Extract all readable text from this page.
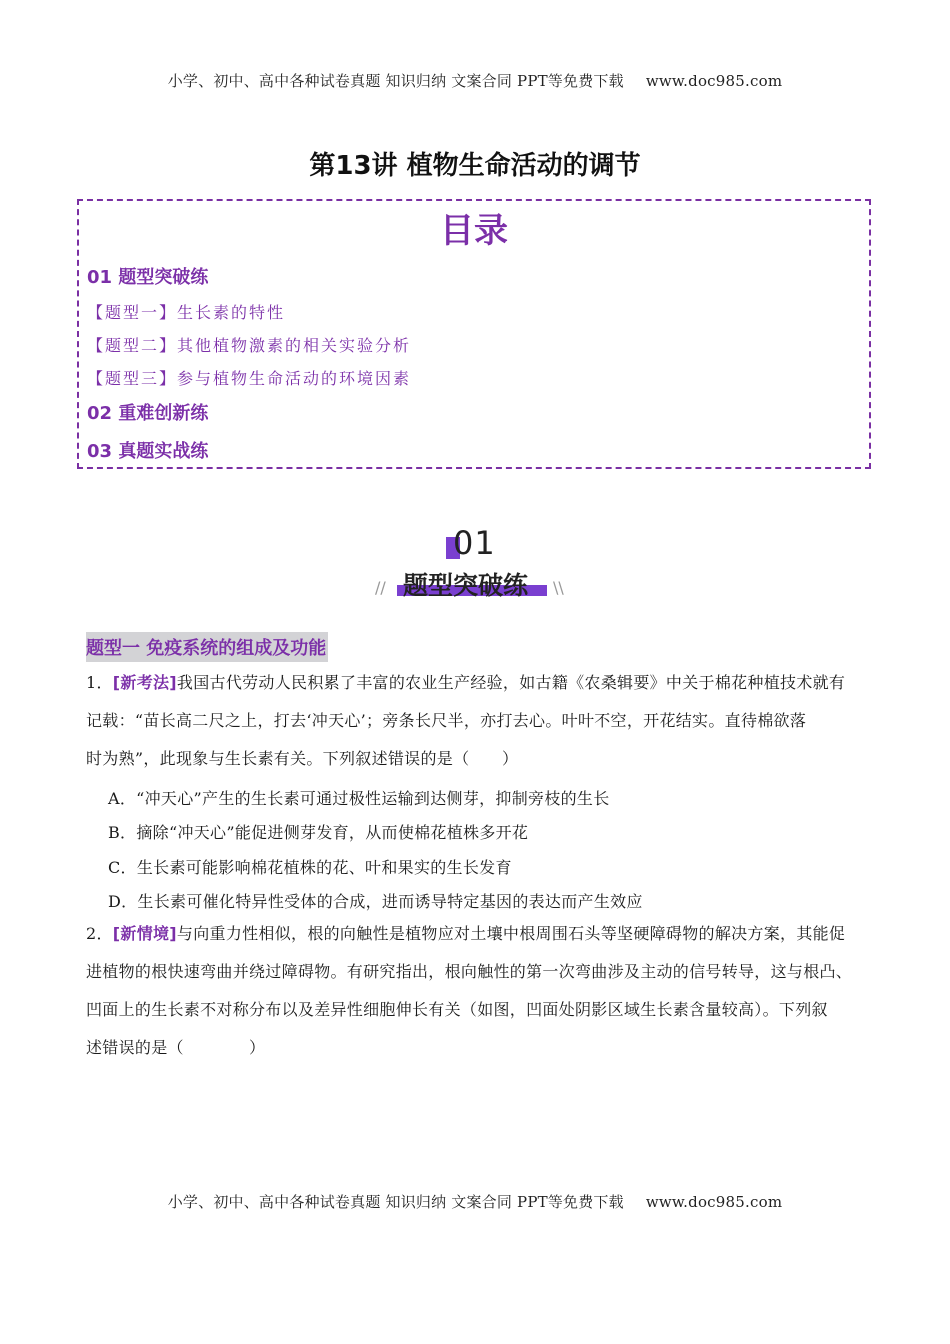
小学、初中、高中各种试卷真题 知识归纳 文案合同 PPT等免费下载 www.doc985.com
第13讲 植物生命活动的调节
目录
01 题型突破练
【题型一】生长素的特性
【题型二】其他植物激素的相关实验分析
【题型三】参与植物生命活动的环境因素
02 重难创新练
03 真题实战练
01
题型突破练
//	\\
题型一 免疫系统的组成及功能
1．[新考法]我国古代劳动人民积累了丰富的农业生产经验，如古籍《农桑辑要》中关于棉花种植技术就有
记载：“苗长高二尺之上，打去‘冲天心’；旁条长尺半，亦打去心。叶叶不空，开花结实。直待棉欲落
时为熟”，此现象与生长素有关。下列叙述错误的是（　　）
A．“冲天心”产生的生长素可通过极性运输到达侧芽，抑制旁枝的生长
B．摘除“冲天心”能促进侧芽发育，从而使棉花植株多开花
C．生长素可能影响棉花植株的花、叶和果实的生长发育
D．生长素可催化特异性受体的合成，进而诱导特定基因的表达而产生效应
2．[新情境]与向重力性相似，根的向触性是植物应对土壤中根周围石头等坚硬障碍物的解决方案，其能促
进植物的根快速弯曲并绕过障碍物。有研究指出，根向触性的第一次弯曲涉及主动的信号转导，这与根凸、
凹面上的生长素不对称分布以及差异性细胞伸长有关（如图，凹面处阴影区域生长素含量较高）。下列叙
述错误的是（　　　　）
小学、初中、高中各种试卷真题 知识归纳 文案合同 PPT等免费下载 www.doc985.com
